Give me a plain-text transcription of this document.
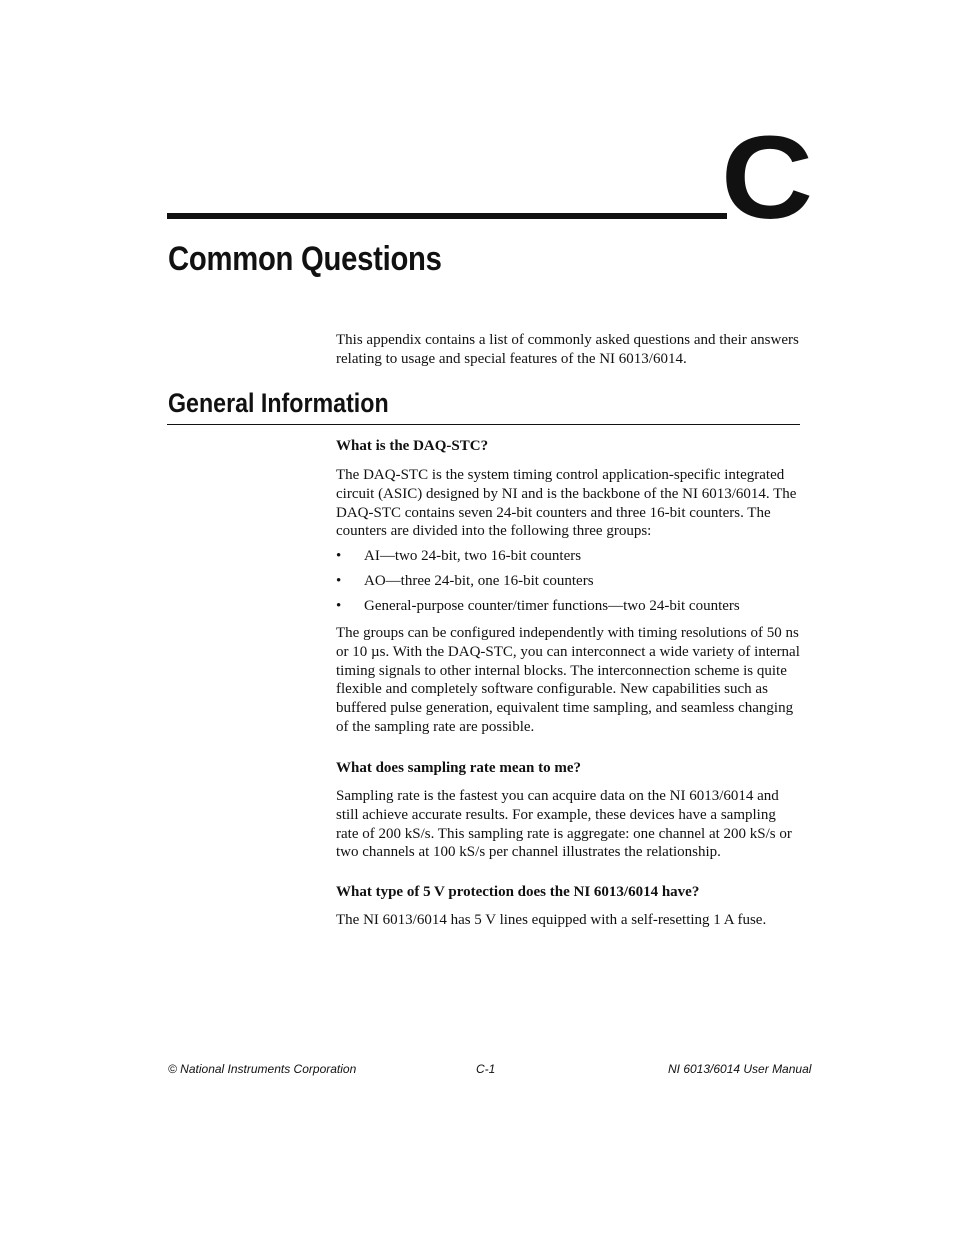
C
Common Questions

This appendix contains a list of commonly asked questions and their answers relating to usage and special features of the NI 6013/6014.

General Information
What is the DAQ-STC?

The DAQ-STC is the system timing control application-specific integrated circuit (ASIC) designed by NI and is the backbone of the NI 6013/6014. The DAQ-STC contains seven 24-bit counters and three 16-bit counters. The counters are divided into the following three groups:

•	AI—two 24-bit, two 16-bit counters
•	AO—three 24-bit, one 16-bit counters
•	General-purpose counter/timer functions—two 24-bit counters

The groups can be configured independently with timing resolutions of 50 ns or 10 µs. With the DAQ-STC, you can interconnect a wide variety of internal timing signals to other internal blocks. The interconnection scheme is quite flexible and completely software configurable. New capabilities such as buffered pulse generation, equivalent time sampling, and seamless changing of the sampling rate are possible.

What does sampling rate mean to me?

Sampling rate is the fastest you can acquire data on the NI 6013/6014 and still achieve accurate results. For example, these devices have a sampling rate of 200 kS/s. This sampling rate is aggregate: one channel at 200 kS/s or two channels at 100 kS/s per channel illustrates the relationship.

What type of 5 V protection does the NI 6013/6014 have?

The NI 6013/6014 has 5 V lines equipped with a self-resetting 1 A fuse.

© National Instruments Corporation	C-1	NI 6013/6014 User Manual
